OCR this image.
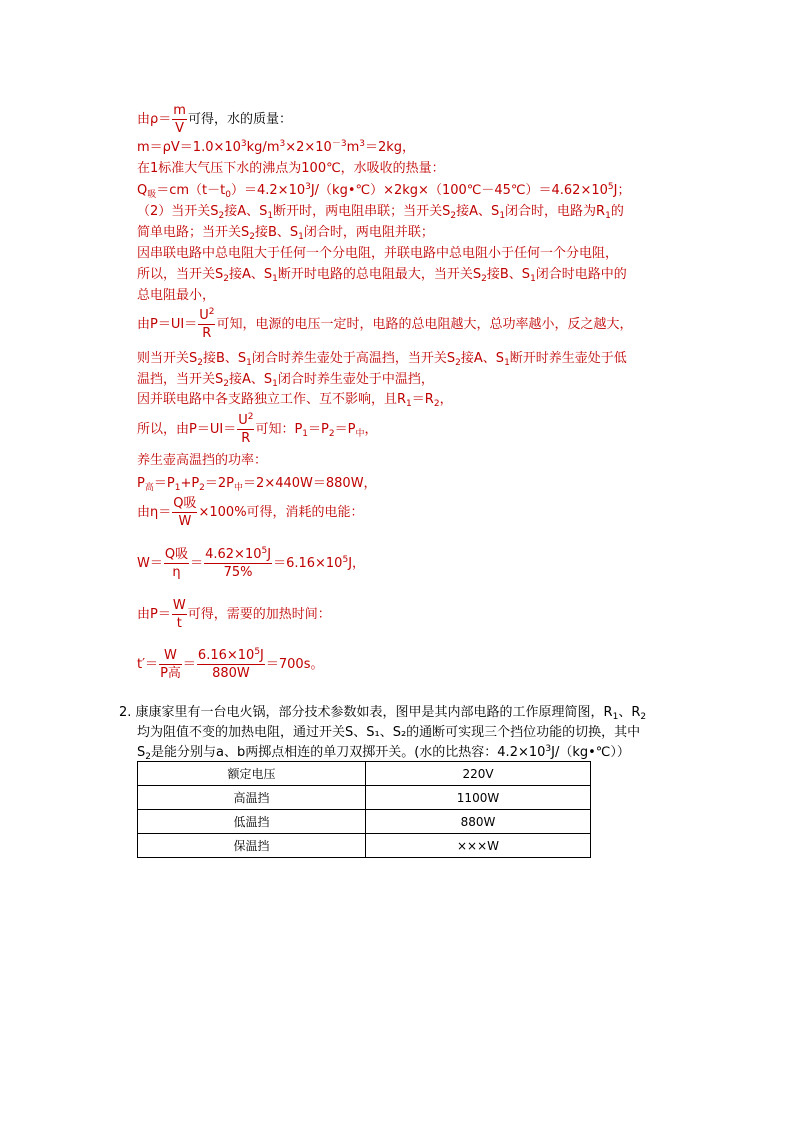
由$\rho= \frac{m}{V}$ 可得，水的质量：
$m=\rho V=1.0\times 10^3kg/m^3\times 2\times 10^{-3}m^3=2kg$，
在1标准大气压下水的沸点为100℃，水吸收的热量：
$Q_吸=cm(t-t_0)=4.2\times 10^3J/(kg•℃)\times 2kg\times(100℃-45℃)=4.62\times 10^5J$；
（2）当开关$S_2$接A、$S_1$断开时，两电阻串联；当开关$S_2$接A、$S_1$闭合时，电路为$R_1$的
简单电路；当开关$S_2$接B、$S_1$闭合时，两电阻并联；
因串联电路中总电阻大于任何一个分电阻，并联电路中总电阻小于任何一个分电阻，
所以，当开关$S_2$接A、$S_1$断开时电路的总电阻最大，当开关$S_2$接B、$S_1$闭合时电路中的
总电阻最小，
由$P=UI= \frac{U^2}{R}$ 可知，电源的电压一定时，电路的总电阻越大，总功率越小，反之越大，
则当开关$S_2$接B、$S_1$闭合时养生壶处于高温挡，当开关$S_2$接A、$S_1$断开时养生壶处于低
温挡，当开关$S_2$接A、$S_1$闭合时养生壶处于中温挡，
因并联电路中各支路独立工作、互不影响，且$R_1=R_2$，
所以，由$P=UI= \frac{U^2}{R}$ 可知：$P_1=P_2=P_中$，
养生壶高温挡的功率：
$P_高=P_1+P_2=2P_中=2\times 440W=880W$，
由$\eta= \frac{\text{Q吸}}{W} \times 100\%$可得，消耗的电能：
$W= \frac{\text{Q吸}}{\eta} = \frac{4.62\times 10^5J}{75\%} =6.16\times 10^5J$，
由$P= \frac{W}{t}$ 可得，需要的加热时间：
$t'= \frac{W}{\text{P高}} = \frac{6.16\times 10^5J}{880W} =700s$。
2. 康康家里有一台电火锅，部分技术参数如表，图甲是其内部电路的工作原理简图，$R_1$、$R_2$
均为阻值不变的加热电阻，通过开关S、S₁、S₂的通断可实现三个挡位功能的切换，其中
$S_2$是能分别与a、b两掷点相连的单刀双掷开关。(水的比热容：$4.2\times 10^3J/(kg•℃)$）
额定电压	220V
高温挡	1100W
低温挡	880W
保温挡	×××W
